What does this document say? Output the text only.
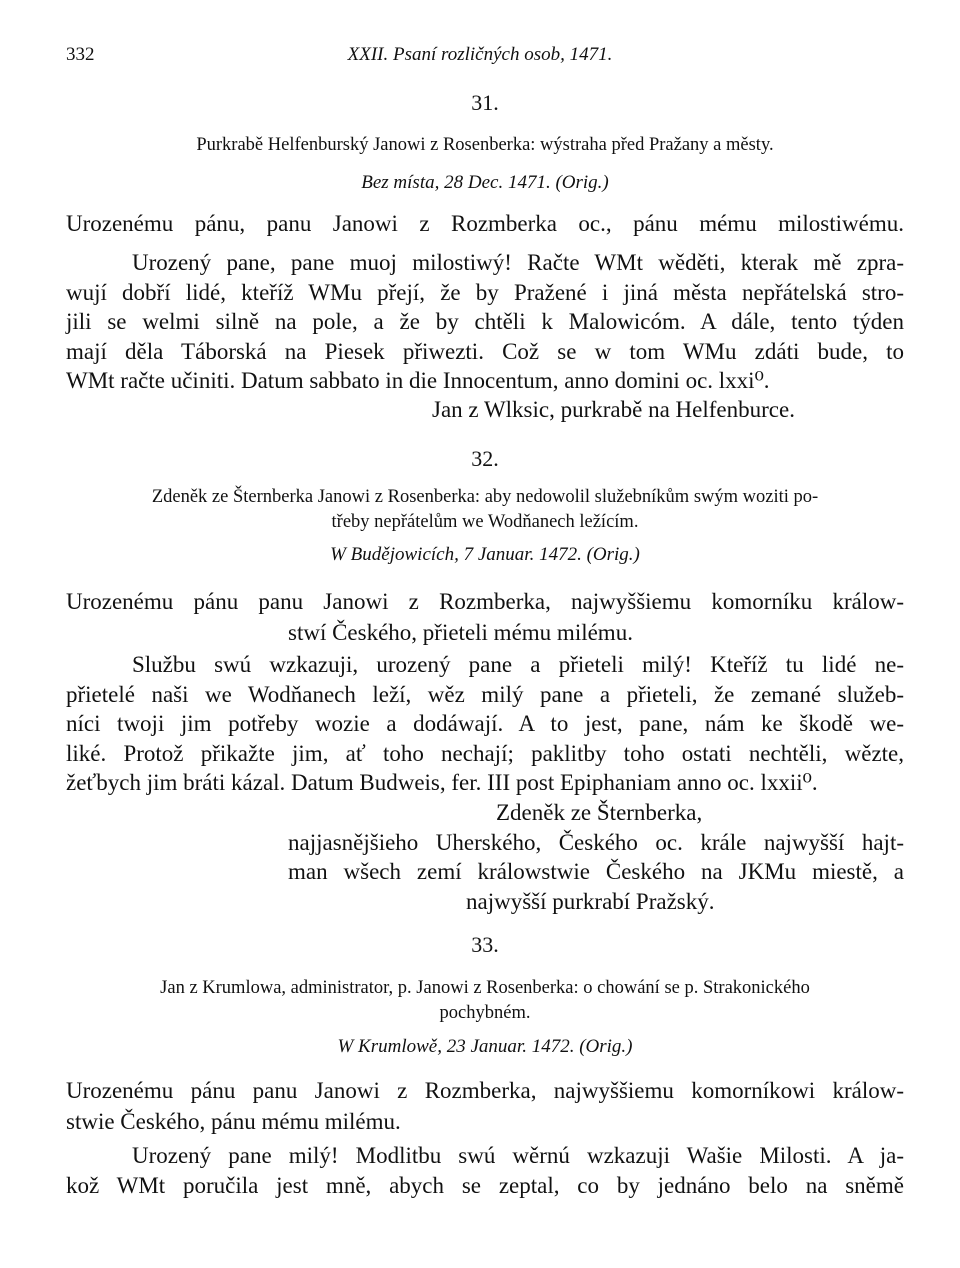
332	XXII. Psaní rozličných osob, 1471.
31.
Purkrabě Helfenburský Janowi z Rosenberka: wýstraha před Pražany a městy.
Bez místa, 28 Dec. 1471. (Orig.)
Urozenému pánu, panu Janowi z Rozmberka oc., pánu mému milostiwému.
Urozený pane, pane muoj milostiwý! Račte WMt wěděti, kterak mě zpra-
wují dobří lidé, kteříž WMu přejí, že by Pražené i jiná města nepřátelská stro-
jili se welmi silně na pole, a že by chtěli k Malowicóm. A dále, tento týden
mají děla Táborská na Piesek přiwezti. Což se w tom WMu zdáti bude, to
WMt račte učiniti. Datum sabbato in die Innocentum, anno domini oc. lxxi⁰.
Jan z Wlksic, purkrabě na Helfenburce.
32.
Zdeněk ze Šternberka Janowi z Rosenberka: aby nedowolil služebníkům swým woziti po-
třeby nepřátelům we Wodňanech ležícím.
W Budějowicích, 7 Januar. 1472. (Orig.)
Urozenému pánu panu Janowi z Rozmberka, najwyššiemu komorníku králow-
stwí Českého, přieteli mému milému.
Službu swú wzkazuji, urozený pane a přieteli milý! Kteříž tu lidé ne-
přietelé naši we Wodňanech leží, wěz milý pane a přieteli, že zemané služeb-
níci twoji jim potřeby wozie a dodáwají. A to jest, pane, nám ke škodě we-
liké. Protož přikažte jim, ať toho nechají; paklitby toho ostati nechtěli, wězte,
žeťbych jim bráti kázal. Datum Budweis, fer. III post Epiphaniam anno oc. lxxii⁰.
Zdeněk ze Šternberka,
najjasnějšieho Uherského, Českého oc. krále najwyšší hajt-
man wšech zemí králowstwie Českého na JKMu miestě, a
najwyšší purkrabí Pražský.
33.
Jan z Krumlowa, administrator, p. Janowi z Rosenberka: o chowání se p. Strakonického
pochybném.
W Krumlowě, 23 Januar. 1472. (Orig.)
Urozenému pánu panu Janowi z Rozmberka, najwyššiemu komorníkowi králow-
stwie Českého, pánu mému milému.
Urozený pane milý! Modlitbu swú wěrnú wzkazuji Wašie Milosti. A ja-
kož WMt poručila jest mně, abych se zeptal, co by jednáno belo na sněmě
